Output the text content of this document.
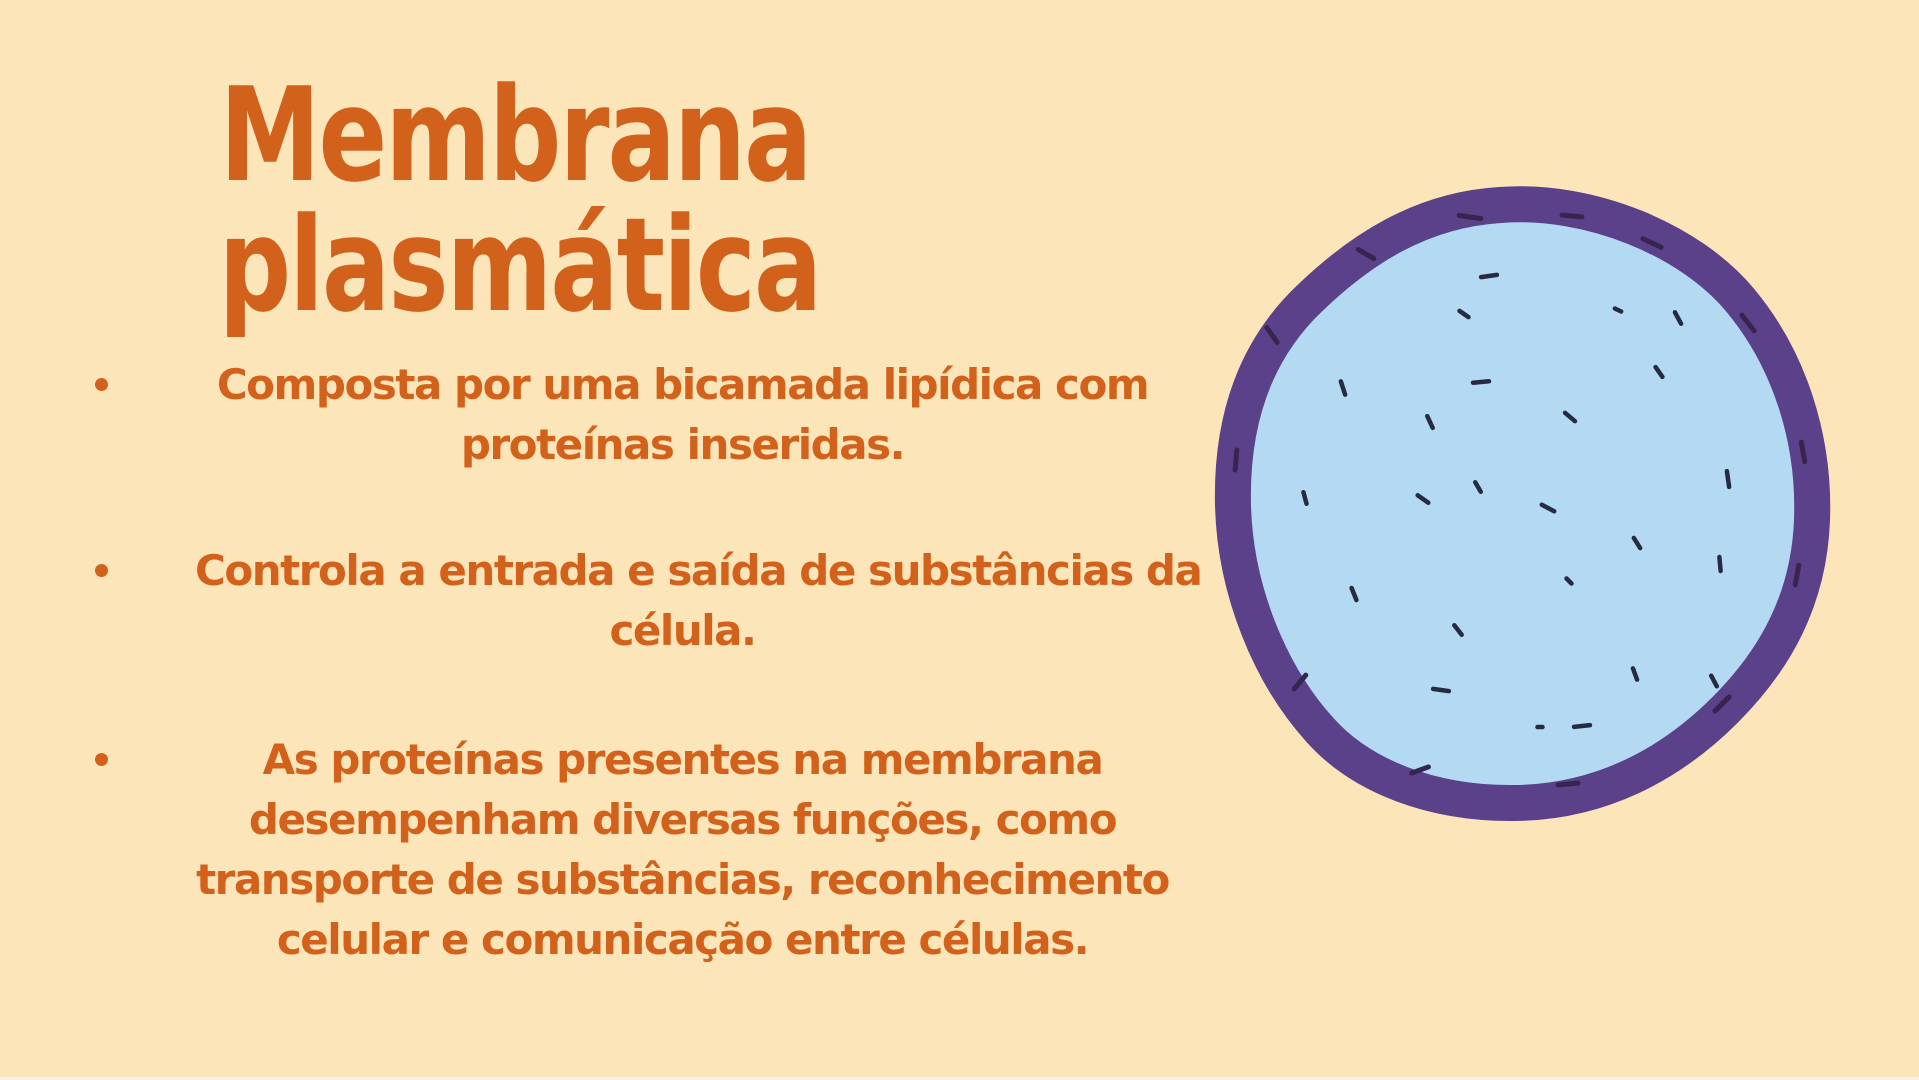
Membrana
plasmática
Composta por uma bicamada lipídica com
proteínas inseridas.
Controla a entrada e saída de substâncias da
célula.
As proteínas presentes na membrana
desempenham diversas funções, como
transporte de substâncias, reconhecimento
celular e comunicação entre células.
